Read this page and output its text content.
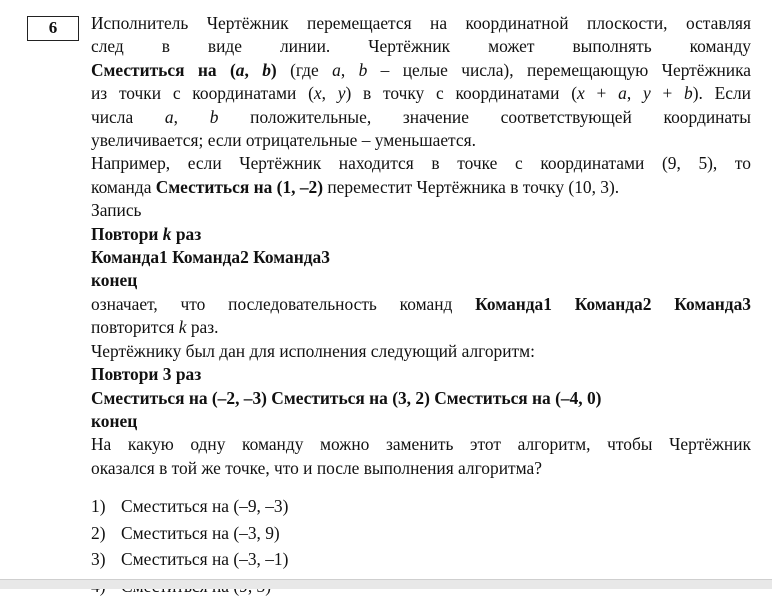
6	Исполнитель Чертёжник перемещается на координатной плоскости, оставляя

след в виде линии. Чертёжник может выполнять команду

Сместиться на (a, b) (где a, b – целые числа), перемещающую Чертёжника

из точки с координатами (x, y) в точку с координатами (x + a, y + b). Если

числа a, b положительные, значение соответствующей координаты

увеличивается; если отрицательные – уменьшается.

Например, если Чертёжник находится в точке с координатами (9, 5), то

команда Сместиться на (1, –2) переместит Чертёжника в точку (10, 3).

Запись

Повтори k раз

Команда1 Команда2 Команда3

конец

означает, что последовательность команд Команда1 Команда2 Команда3

повторится k раз.

Чертёжнику был дан для исполнения следующий алгоритм:

Повтори 3 раз

Сместиться на (–2, –3) Сместиться на (3, 2) Сместиться на (–4, 0)

конец

На какую одну команду можно заменить этот алгоритм, чтобы Чертёжник

оказался в той же точке, что и после выполнения алгоритма?

1) Сместиться на (–9, –3)
2) Сместиться на (–3, 9)
3) Сместиться на (–3, –1)
